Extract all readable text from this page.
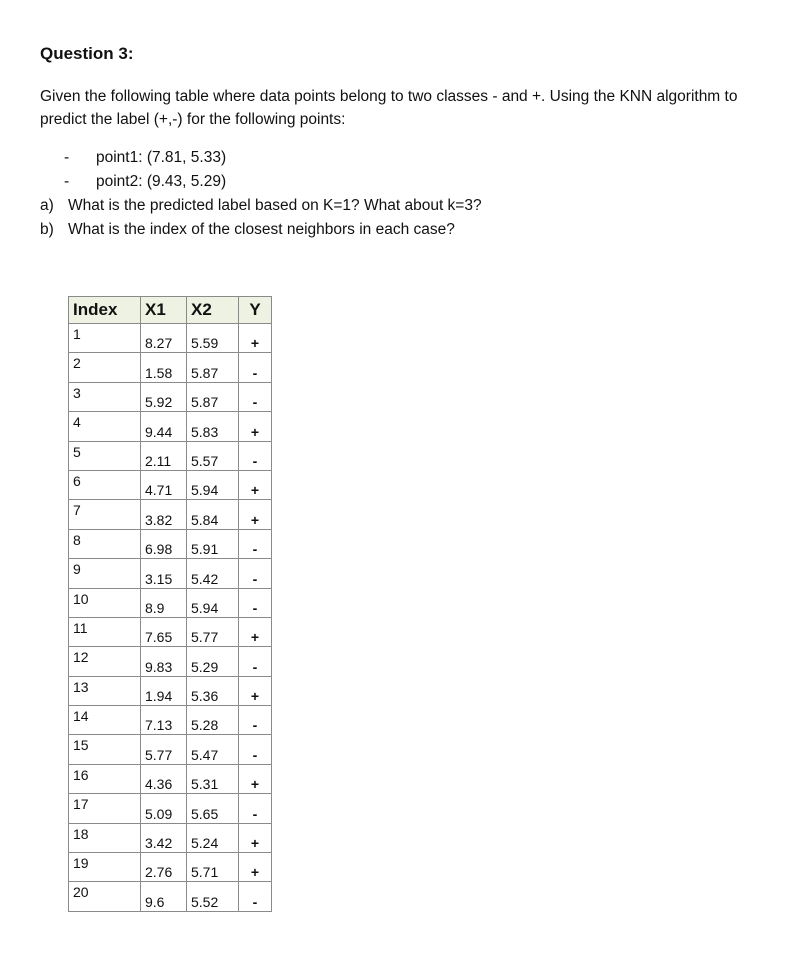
Question 3:
Given the following table where data points belong to two classes - and +. Using the KNN algorithm to predict the label (+,-) for the following points:
- point1: (7.81, 5.33)
- point2: (9.43, 5.29)
a) What is the predicted label based on K=1? What about k=3?
b) What is the index of the closest neighbors in each case?
Index	X1	X2	Y
1	8.27	5.59	+
2	1.58	5.87	-
3	5.92	5.87	-
4	9.44	5.83	+
5	2.11	5.57	-
6	4.71	5.94	+
7	3.82	5.84	+
8	6.98	5.91	-
9	3.15	5.42	-
10	8.9	5.94	-
11	7.65	5.77	+
12	9.83	5.29	-
13	1.94	5.36	+
14	7.13	5.28	-
15	5.77	5.47	-
16	4.36	5.31	+
17	5.09	5.65	-
18	3.42	5.24	+
19	2.76	5.71	+
20	9.6	5.52	-
